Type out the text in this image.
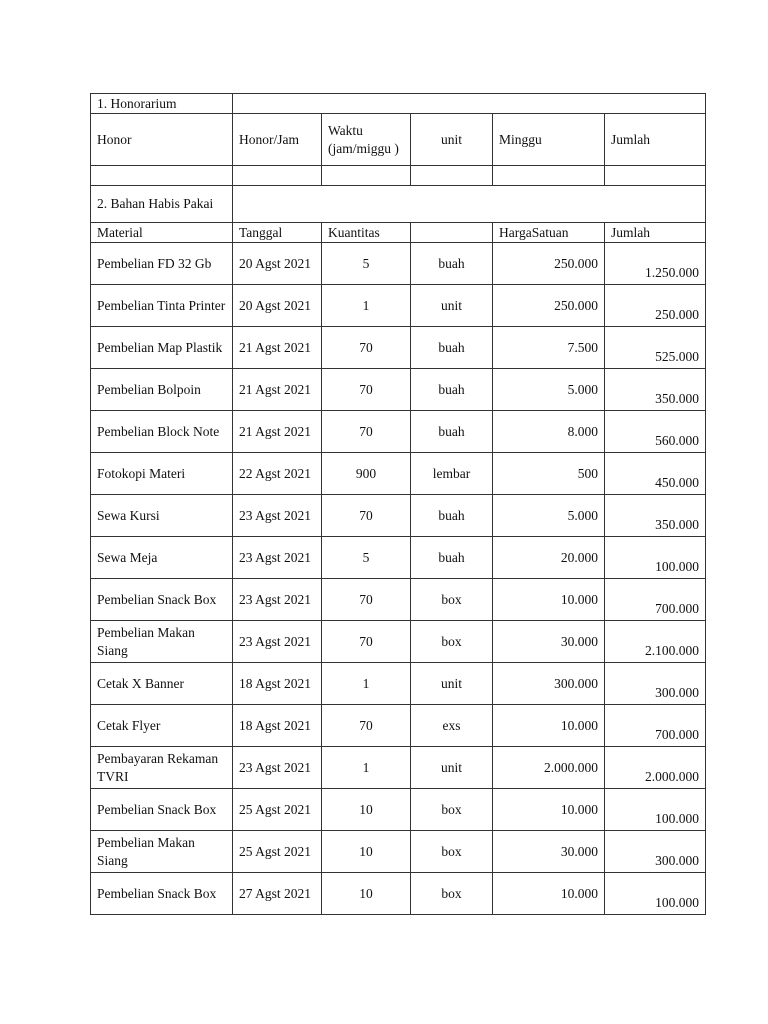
1. Honorarium					
Honor	Honor/Jam	Waktu (jam/miggu )	unit	Minggu	Jumlah

2. Bahan Habis Pakai					
Material	Tanggal	Kuantitas		HargaSatuan	Jumlah
Pembelian FD 32 Gb	20 Agst 2021	5	buah	250.000	1.250.000
Pembelian Tinta Printer	20 Agst 2021	1	unit	250.000	250.000
Pembelian Map Plastik	21 Agst 2021	70	buah	7.500	525.000
Pembelian Bolpoin	21 Agst 2021	70	buah	5.000	350.000
Pembelian Block Note	21 Agst 2021	70	buah	8.000	560.000
Fotokopi Materi	22 Agst 2021	900	lembar	500	450.000
Sewa Kursi	23 Agst 2021	70	buah	5.000	350.000
Sewa Meja	23 Agst 2021	5	buah	20.000	100.000
Pembelian Snack Box	23 Agst 2021	70	box	10.000	700.000
Pembelian Makan Siang	23 Agst 2021	70	box	30.000	2.100.000
Cetak X Banner	18 Agst 2021	1	unit	300.000	300.000
Cetak Flyer	18 Agst 2021	70	exs	10.000	700.000
Pembayaran Rekaman TVRI	23 Agst 2021	1	unit	2.000.000	2.000.000
Pembelian Snack Box	25 Agst 2021	10	box	10.000	100.000
Pembelian Makan Siang	25 Agst 2021	10	box	30.000	300.000
Pembelian Snack Box	27 Agst 2021	10	box	10.000	100.000
